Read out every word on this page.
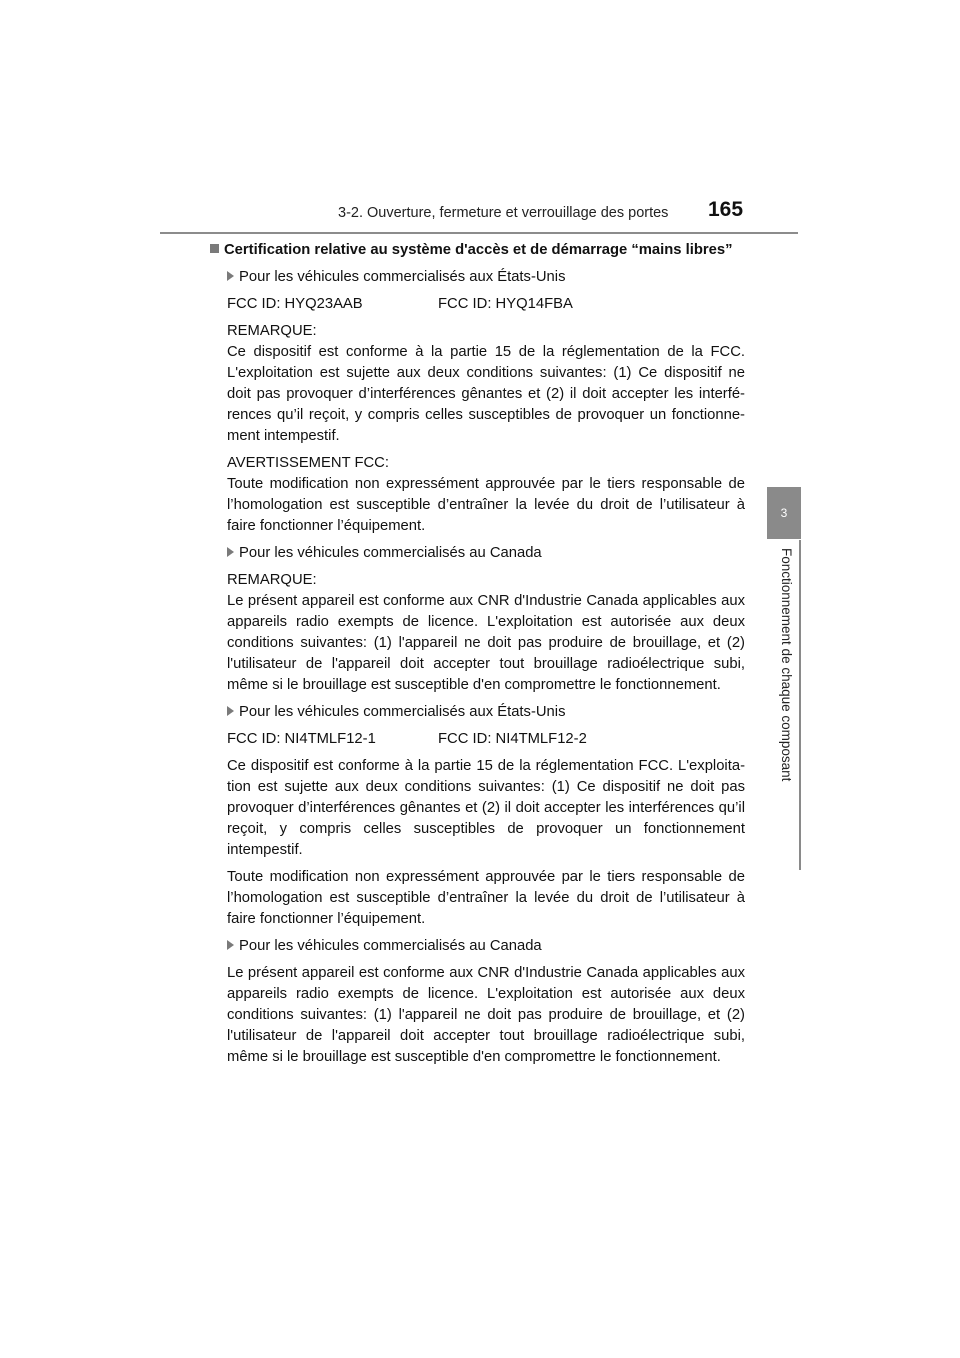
3-2. Ouverture, fermeture et verrouillage des portes 165
3
Fonctionnement de chaque composant
Certification relative au système d'accès et de démarrage “mains libres”
Pour les véhicules commercialisés aux États-Unis
FCC ID: HYQ23AAB	FCC ID: HYQ14FBA
REMARQUE:
Ce dispositif est conforme à la partie 15 de la réglementation de la FCC. L'exploitation est sujette aux deux conditions suivantes: (1) Ce dispositif ne doit pas provoquer d’interférences gênantes et (2) il doit accepter les interfé-rences qu’il reçoit, y compris celles susceptibles de provoquer un fonctionne-ment intempestif.
AVERTISSEMENT FCC:
Toute modification non expressément approuvée par le tiers responsable de l’homologation est susceptible d’entraîner la levée du droit de l’utilisateur à faire fonctionner l’équipement.
Pour les véhicules commercialisés au Canada
REMARQUE:
Le présent appareil est conforme aux CNR d'Industrie Canada applicables aux appareils radio exempts de licence. L'exploitation est autorisée aux deux conditions suivantes: (1) l'appareil ne doit pas produire de brouillage, et (2) l'utilisateur de l'appareil doit accepter tout brouillage radioélectrique subi, même si le brouillage est susceptible d'en compromettre le fonctionnement.
Pour les véhicules commercialisés aux États-Unis
FCC ID: NI4TMLF12-1	FCC ID: NI4TMLF12-2
Ce dispositif est conforme à la partie 15 de la réglementation FCC. L'exploita-tion est sujette aux deux conditions suivantes: (1) Ce dispositif ne doit pas provoquer d’interférences gênantes et (2) il doit accepter les interférences qu’il reçoit, y compris celles susceptibles de provoquer un fonctionnement intempestif.
Toute modification non expressément approuvée par le tiers responsable de l’homologation est susceptible d’entraîner la levée du droit de l’utilisateur à faire fonctionner l’équipement.
Pour les véhicules commercialisés au Canada
Le présent appareil est conforme aux CNR d'Industrie Canada applicables aux appareils radio exempts de licence. L'exploitation est autorisée aux deux conditions suivantes: (1) l'appareil ne doit pas produire de brouillage, et (2) l'utilisateur de l'appareil doit accepter tout brouillage radioélectrique subi, même si le brouillage est susceptible d'en compromettre le fonctionnement.
